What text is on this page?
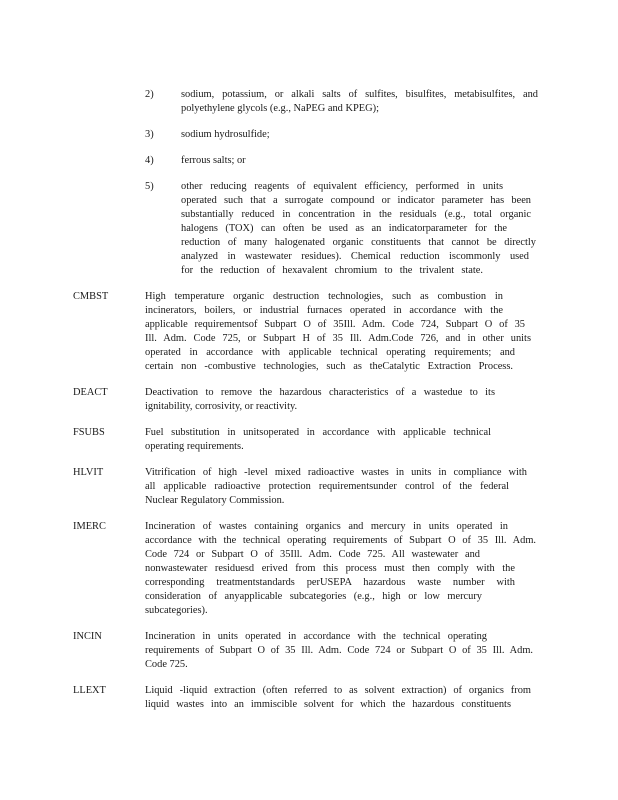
2)	sodium, potassium, or alkali salts of sulfites, bisulfites, metabisulfites, and
polyethylene glycols (e.g., NaPEG and KPEG);
3)	sodium hydrosulfide;
4)	ferrous salts; or
5)	other reducing reagents of equivalent efficiency, performed in units
operated such that a surrogate compound or indicator parameter has been
substantially reduced in concentration in the residuals (e.g., total organic
halogens (TOX) can often be used as an indicatorparameter for the
reduction of many halogenated organic constituents that cannot be directly
analyzed in wastewater residues). Chemical reduction iscommonly used
for the reduction of hexavalent chromium to the trivalent state.
CMBST	High temperature organic destruction technologies, such as combustion in
incinerators, boilers, or industrial furnaces operated in accordance with the
applicable requirementsof Subpart O of 35Ill. Adm. Code 724, Subpart O of 35
Ill. Adm. Code 725, or Subpart H of 35 Ill. Adm.Code 726, and in other units
operated in accordance with applicable technical operating requirements; and
certain non -combustive technologies, such as theCatalytic Extraction Process.
DEACT	Deactivation to remove the hazardous characteristics of a wastedue to its
ignitability, corrosivity, or reactivity.
FSUBS	Fuel substitution in unitsoperated in accordance with applicable technical
operating requirements.
HLVIT	Vitrification of high -level mixed radioactive wastes in units in compliance with
all applicable radioactive protection requirementsunder control of the federal
Nuclear Regulatory Commission.
IMERC	Incineration of wastes containing organics and mercury in units operated in
accordance with the technical operating requirements of Subpart O of 35 Ill. Adm.
Code 724 or Subpart O of 35Ill. Adm. Code 725. All wastewater and
nonwastewater residuesd erived from this process must then comply with the
corresponding treatmentstandards perUSEPA hazardous waste number with
consideration of anyapplicable subcategories (e.g., high or low mercury
subcategories).
INCIN	Incineration in units operated in accordance with the technical operating
requirements of Subpart O of 35 Ill. Adm. Code 724 or Subpart O of 35 Ill. Adm.
Code 725.
LLEXT	Liquid -liquid extraction (often referred to as solvent extraction) of organics from
liquid wastes into an immiscible solvent for which the hazardous constituents
